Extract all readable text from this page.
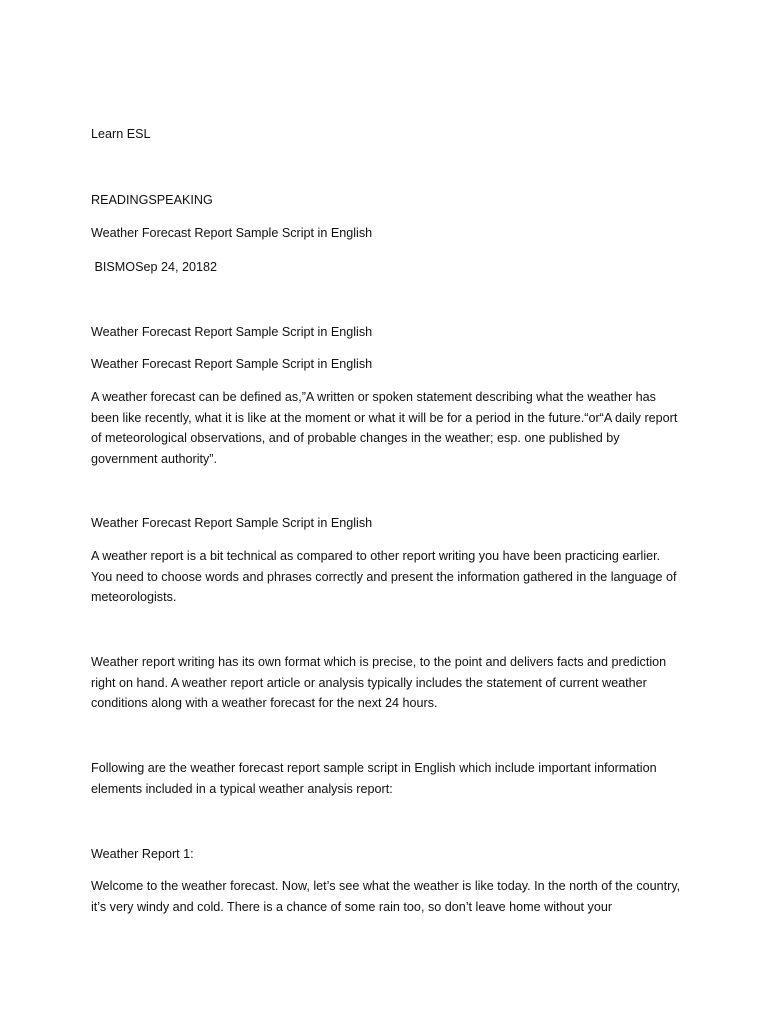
Learn ESL

READINGSPEAKING

Weather Forecast Report Sample Script in English

BISMOSep 24, 20182

Weather Forecast Report Sample Script in English

Weather Forecast Report Sample Script in English

A weather forecast can be defined as,”A written or spoken statement describing what the weather has been like recently, what it is like at the moment or what it will be for a period in the future.“or“A daily report of meteorological observations, and of probable changes in the weather; esp. one published by government authority”.

Weather Forecast Report Sample Script in English

A weather report is a bit technical as compared to other report writing you have been practicing earlier. You need to choose words and phrases correctly and present the information gathered in the language of meteorologists.

Weather report writing has its own format which is precise, to the point and delivers facts and prediction right on hand. A weather report article or analysis typically includes the statement of current weather conditions along with a weather forecast for the next 24 hours.

Following are the weather forecast report sample script in English which include important information elements included in a typical weather analysis report:

Weather Report 1:

Welcome to the weather forecast. Now, let’s see what the weather is like today. In the north of the country, it’s very windy and cold. There is a chance of some rain too, so don’t leave home without your
